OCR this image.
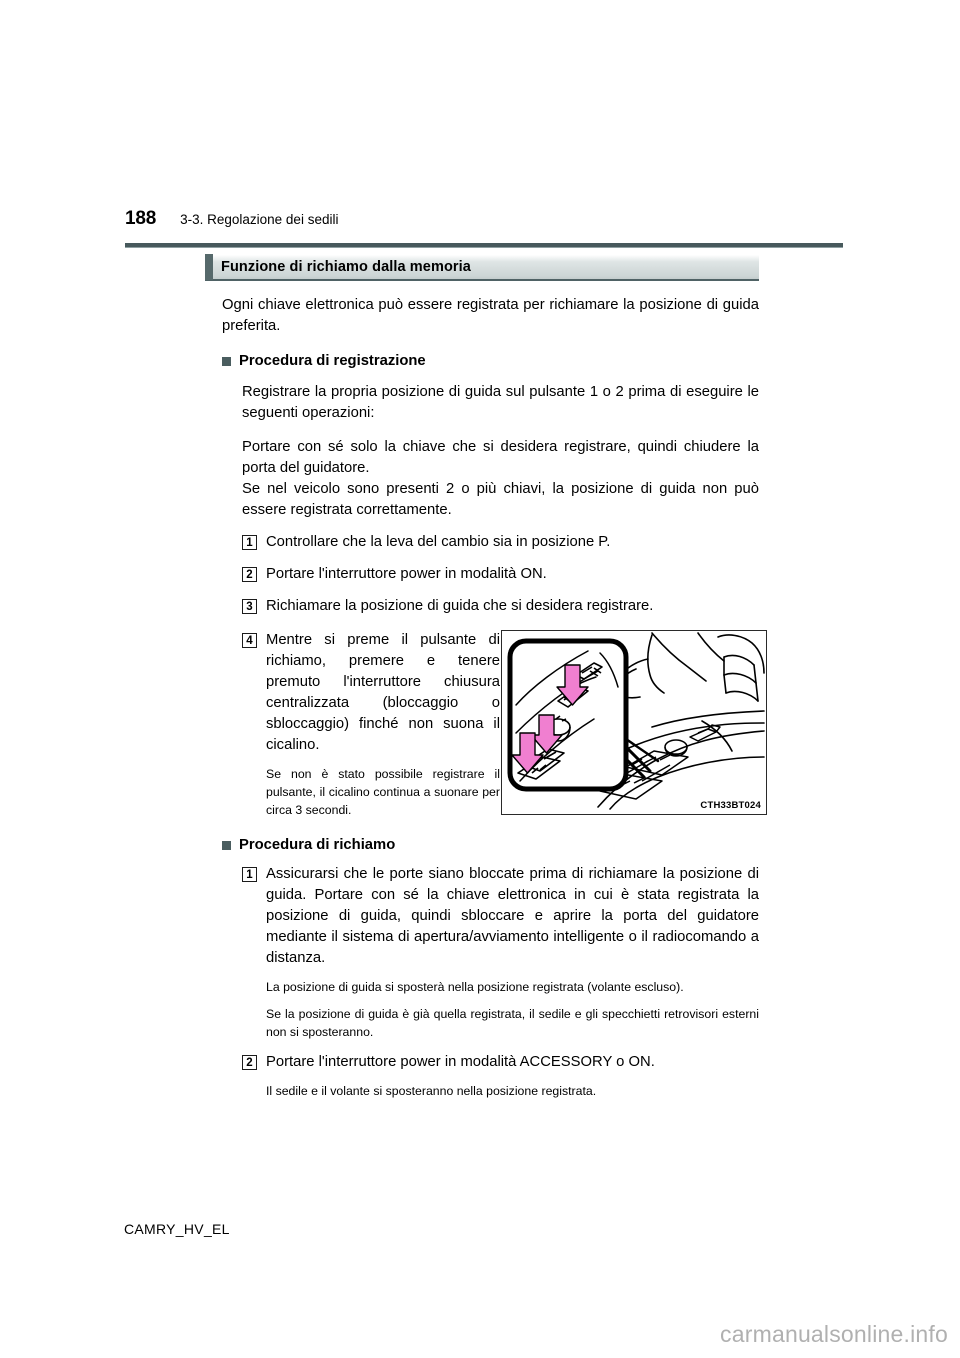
188 3-3. Regolazione dei sedili
Funzione di richiamo dalla memoria

Ogni chiave elettronica può essere registrata per richiamare la posizione di guida preferita.

Procedura di registrazione

Registrare la propria posizione di guida sul pulsante 1 o 2 prima di eseguire le seguenti operazioni:

Portare con sé solo la chiave che si desidera registrare, quindi chiudere la porta del guidatore.

Se nel veicolo sono presenti 2 o più chiavi, la posizione di guida non può essere registrata correttamente.

1 Controllare che la leva del cambio sia in posizione P.
2 Portare l'interruttore power in modalità ON.
3 Richiamare la posizione di guida che si desidera registrare.
4 Mentre si preme il pulsante di richiamo, premere e tenere premuto l'interruttore chiusura centralizzata (bloccaggio o sbloccaggio) finché non suona il cicalino.

Se non è stato possibile registrare il pulsante, il cicalino continua a suonare per circa 3 secondi.	CTH33BT024
Procedura di richiamo
1 Assicurarsi che le porte siano bloccate prima di richiamare la posizione di guida. Portare con sé la chiave elettronica in cui è stata registrata la posizione di guida, quindi sbloccare e aprire la porta del guidatore mediante il sistema di apertura/avviamento intelligente o il radiocomando a distanza.

La posizione di guida si sposterà nella posizione registrata (volante escluso).

Se la posizione di guida è già quella registrata, il sedile e gli specchietti retrovisori esterni non si sposteranno.

2 Portare l'interruttore power in modalità ACCESSORY o ON.

Il sedile e il volante si sposteranno nella posizione registrata.

CAMRY_HV_EL
carmanualsonline.info
